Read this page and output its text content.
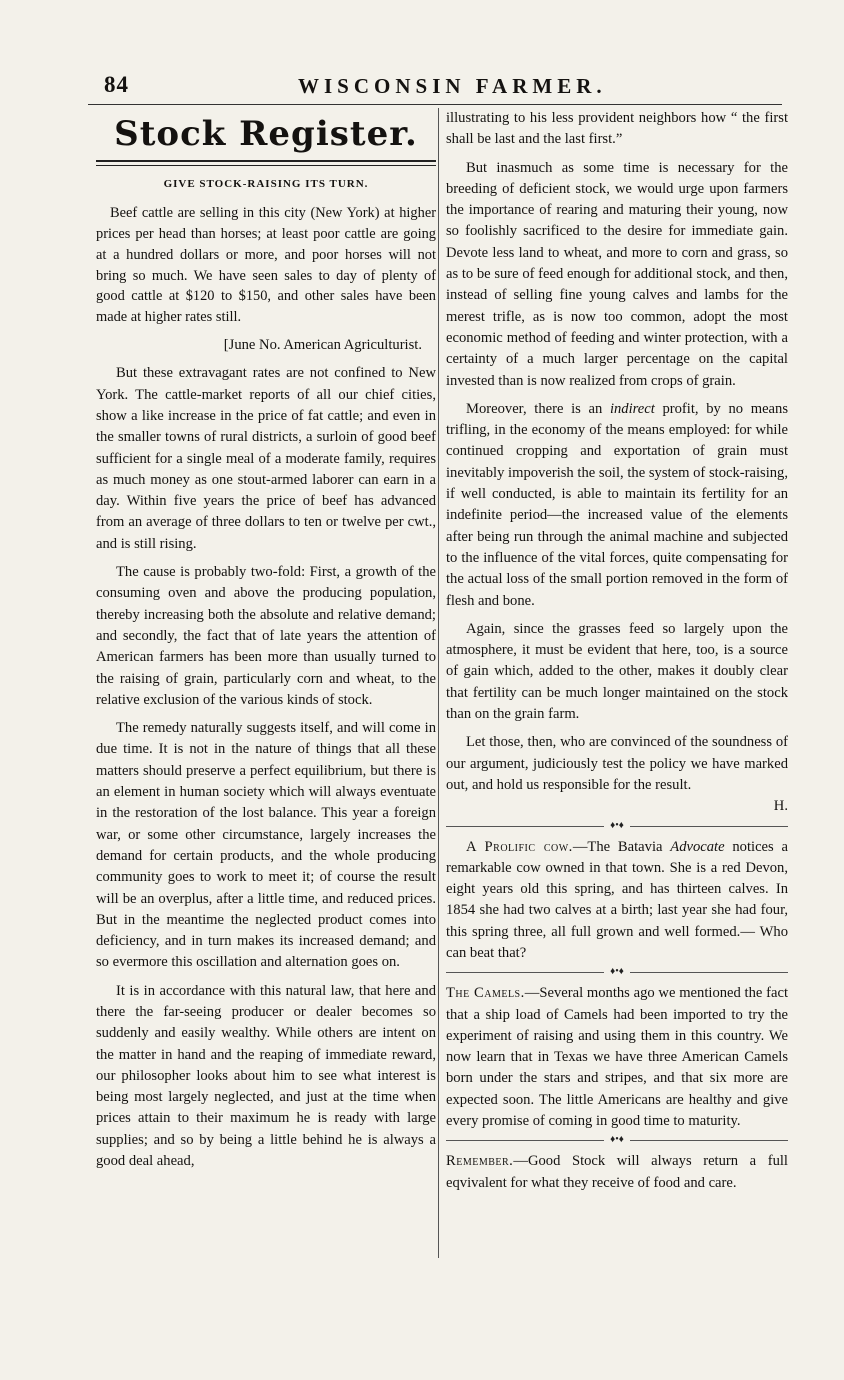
84	WISCONSIN FARMER.
Stock Register.
GIVE STOCK-RAISING ITS TURN.

Beef cattle are selling in this city (New York) at higher prices per head than horses; at least poor cattle are going at a hundred dollars or more, and poor horses will not bring so much. We have seen sales to day of plenty of good cattle at $120 to $150, and other sales have been made at higher rates still.

[June No. American Agriculturist.

But these extravagant rates are not confined to New York. The cattle-market reports of all our chief cities, show a like increase in the price of fat cattle; and even in the smaller towns of rural districts, a surloin of good beef sufficient for a single meal of a moderate family, requires as much money as one stout-armed laborer can earn in a day. Within five years the price of beef has advanced from an average of three dollars to ten or twelve per cwt., and is still rising.

The cause is probably two-fold: First, a growth of the consuming oven and above the producing population, thereby increasing both the absolute and relative demand; and secondly, the fact that of late years the attention of American farmers has been more than usually turned to the raising of grain, particularly corn and wheat, to the relative exclusion of the various kinds of stock.

The remedy naturally suggests itself, and will come in due time. It is not in the nature of things that all these matters should preserve a perfect equilibrium, but there is an element in human society which will always eventuate in the restoration of the lost balance. This year a foreign war, or some other circumstance, largely increases the demand for certain products, and the whole producing community goes to work to meet it; of course the result will be an overplus, after a little time, and reduced prices. But in the meantime the neglected product comes into deficiency, and in turn makes its increased demand; and so evermore this oscillation and alternation goes on.

It is in accordance with this natural law, that here and there the far-seeing producer or dealer becomes so suddenly and easily wealthy. While others are intent on the matter in hand and the reaping of immediate reward, our philosopher looks about him to see what interest is being most largely neglected, and just at the time when prices attain to their maximum he is ready with large supplies; and so by being a little behind he is always a good deal ahead,

illustrating to his less provident neighbors how “ the first shall be last and the last first.”

But inasmuch as some time is necessary for the breeding of deficient stock, we would urge upon farmers the importance of rearing and maturing their young, now so foolishly sacrificed to the desire for immediate gain. Devote less land to wheat, and more to corn and grass, so as to be sure of feed enough for additional stock, and then, instead of selling fine young calves and lambs for the merest trifle, as is now too common, adopt the most economic method of feeding and winter protection, with a certainty of a much larger percentage on the capital invested than is now realized from crops of grain.

Moreover, there is an indirect profit, by no means trifling, in the economy of the means employed: for while continued cropping and exportation of grain must inevitably impoverish the soil, the system of stock-raising, if well conducted, is able to maintain its fertility for an indefinite period—the increased value of the elements after being run through the animal machine and subjected to the influence of the vital forces, quite compensating for the actual loss of the small portion removed in the form of flesh and bone.

Again, since the grasses feed so largely upon the atmosphere, it must be evident that here, too, is a source of gain which, added to the other, makes it doubly clear that fertility can be much longer maintained on the stock than on the grain farm.

Let those, then, who are convinced of the soundness of our argument, judiciously test the policy we have marked out, and hold us responsible for the result.

H.
♦•♦

A Prolific cow.—The Batavia Advocate notices a remarkable cow owned in that town. She is a red Devon, eight years old this spring, and has thirteen calves. In 1854 she had two calves at a birth; last year she had four, this spring three, all full grown and well formed.— Who can beat that?

♦•♦

The Camels.—Several months ago we mentioned the fact that a ship load of Camels had been imported to try the experiment of raising and using them in this country. We now learn that in Texas we have three American Camels born under the stars and stripes, and that six more are expected soon. The little Americans are healthy and give every promise of coming in good time to maturity.

♦•♦

Remember.—Good Stock will always return a full eqvivalent for what they receive of food and care.
